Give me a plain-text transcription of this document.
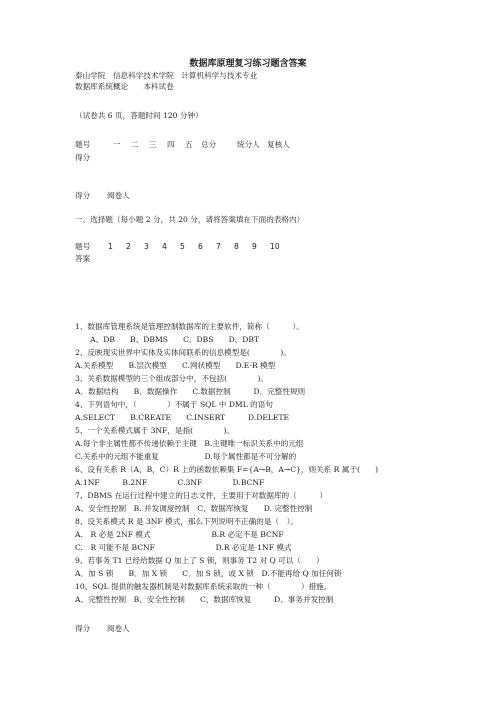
数据库原理复习练习题含答案
泰山学院　信息科学技术学院　计算机科学与技术专业
数据库系统概论　　本科试卷
（试卷共 6 页，答题时间 120 分钟）
题号	一 二 三 四 五 总分	统分人 复核人
得分
得分 阅卷人
一、选择题（每小题 2 分，共 20 分，请将答案填在下面的表格内）
题号 1 2 3 4 5 6 7 8 9 10
答案
1、数据库管理系统是管理控制数据库的主要软件，简称（　　　）。
　　A、DB　　B、DBMS　　C、DBS　　D、DBT
2、反映现实世界中实体及实体间联系的信息模型是(　　　　)。
A.关系模型　　B.层次模型　　C.网状模型　　D.E-R 模型
3、关系数据模型的三个组成部分中，不包括(　　　　)。
A．数据结构　　B．数据操作　　C.数据控制　　　D．完整性规则
4、下列语句中，（　　　　）不属于 SQL 中 DML 的语句
A.SELECT　　B.CREATE　　C.INSERT　　　D.DELETE
5、一个关系模式属于 3NF，是指(　　　　)。
A.每个非主属性都不传递依赖于主键　B.主键唯一标识关系中的元组
C.关系中的元组不能重复　　　　　　D.每个属性都是不可分解的
6、设有关系 R（A，B，C）R 上的函数依赖集 F={A→B，A→C}，则关系 R 属于(　　)
A.1NF　　　B.2NF　　　　C.3NF　　　　D.BCNF
7、DBMS 在运行过程中建立的日志文件，主要用于对数据库的（　　　）
A、安全性控制　B. 并发调度控制　C、数据库恢复　　D. 完整性控制
8、设关系模式 R 是 3NF 模式，那么下列说明不正确的是（　）。
A.　R 必是 2NF 模式　　　　　　　　B.R 必定不是 BCNF
C.　R 可能不是 BCNF　　　　　　　　D.R 必定是 1NF 模式
9、若事务 T1 已经给数据 Q 加上了 S 锁，则事务 T2 对 Q 可以（　　）
A．加 S 锁　　B．加 X 锁　　C．加 S 锁，或 X 锁　D.不能再给 Q 加任何锁
10、SQL 提供的触发器机制是对数据库系统采取的一种（　　　　）措施。
A、完整性控制　B、安全性控制　　C、数据库恢复　　　D、事务并发控制
得分 阅卷人
